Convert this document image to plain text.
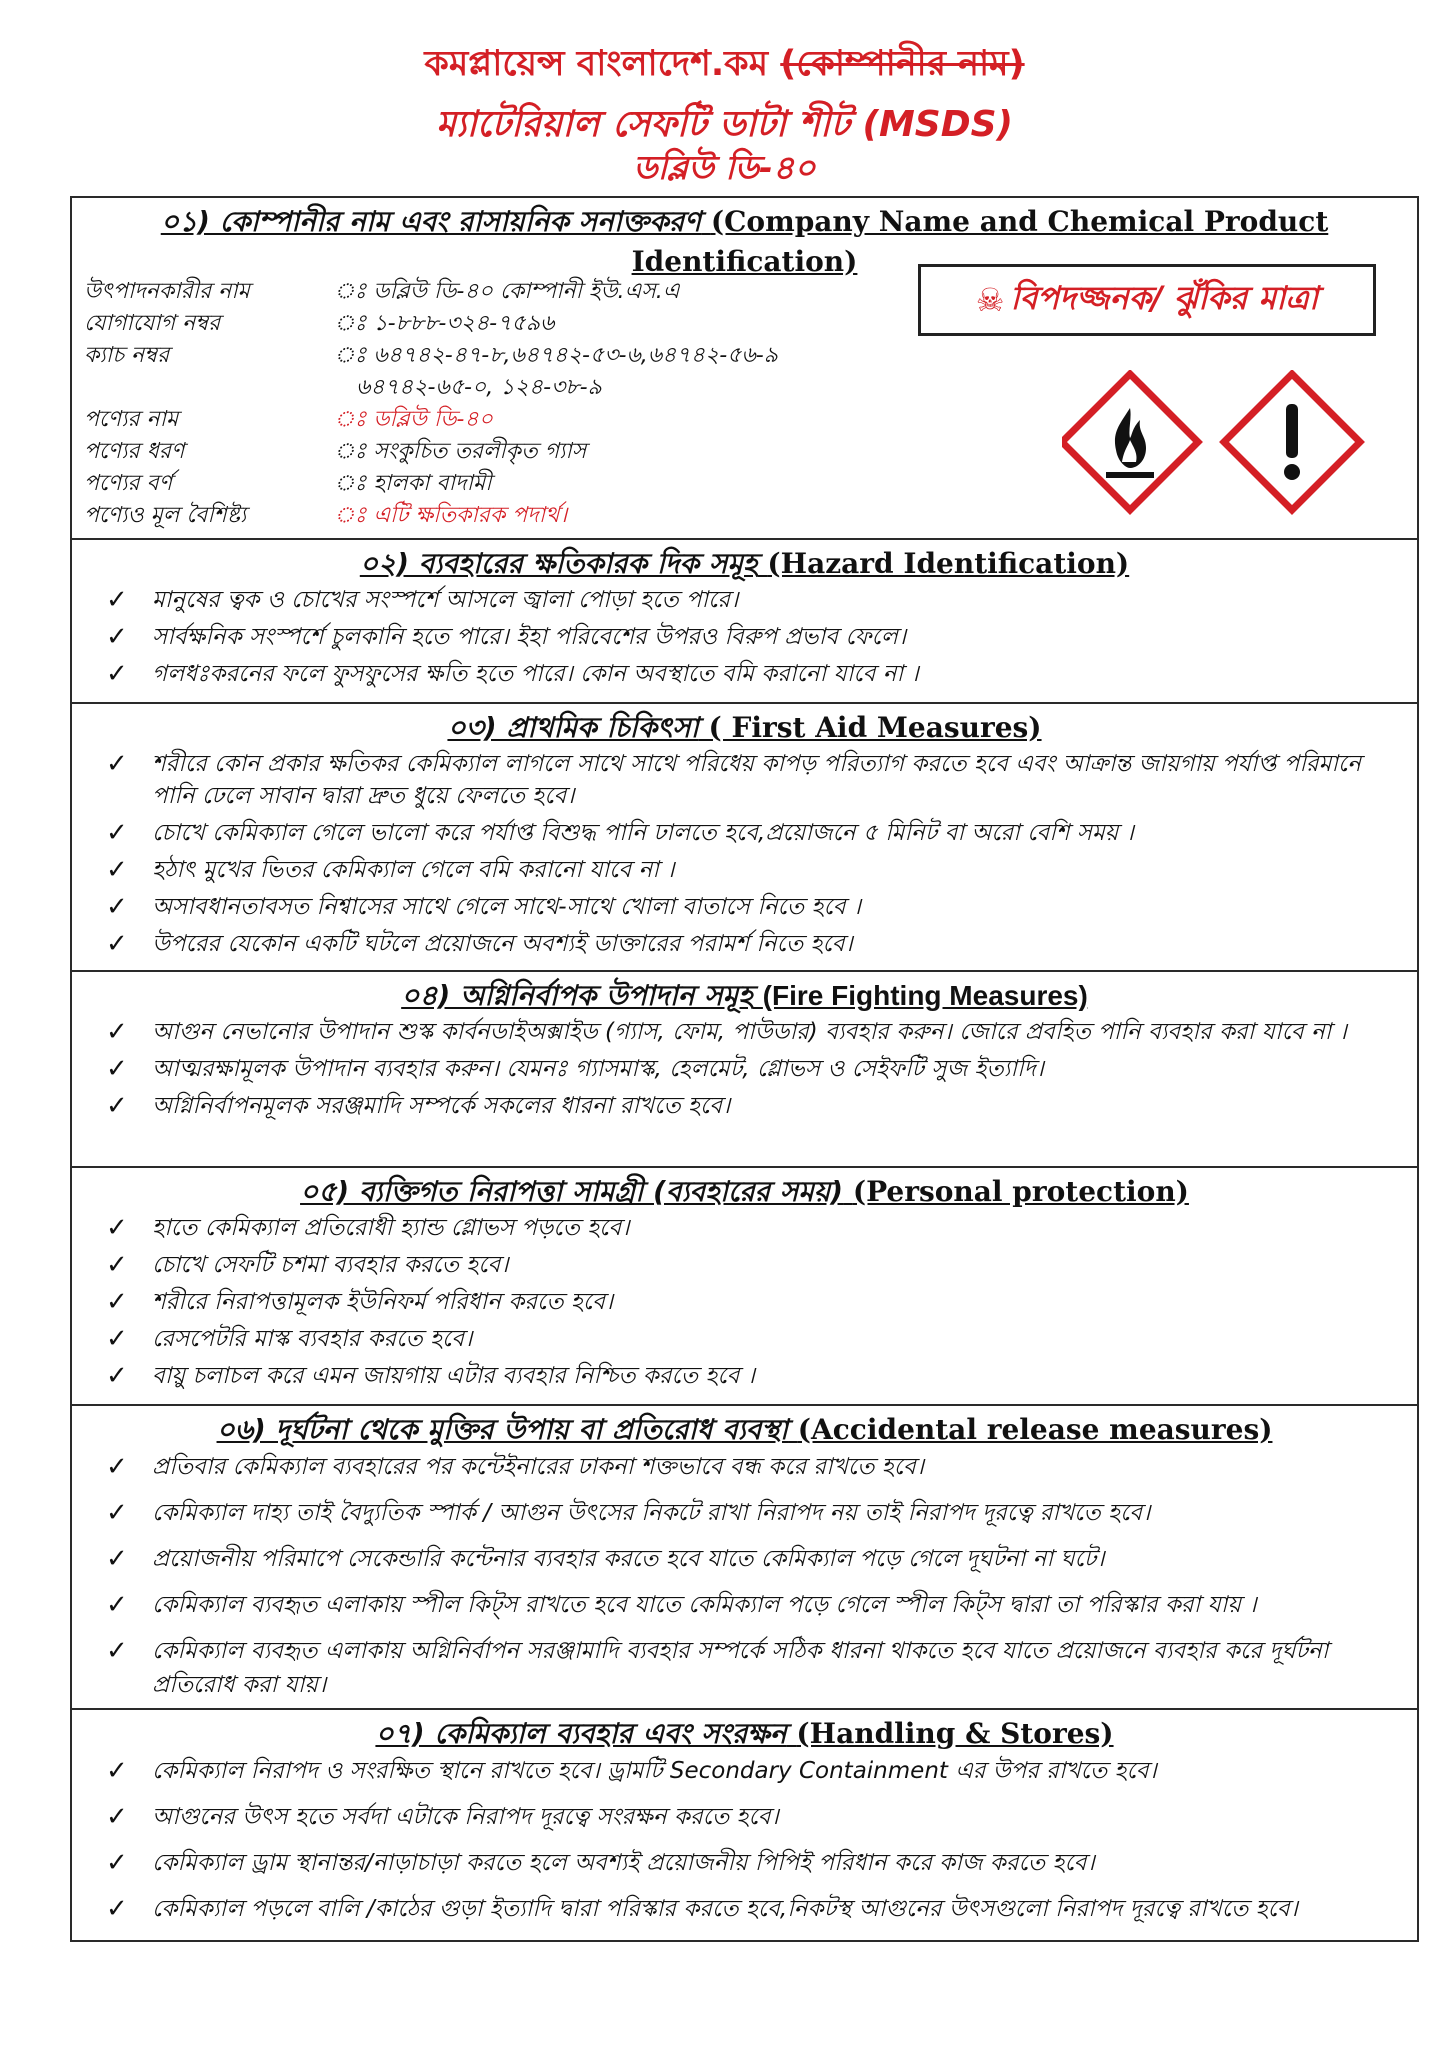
কমপ্লায়েন্স বাংলাদেশ.কম (কোম্পানীর নাম)
ম্যাটেরিয়াল সেফটি ডাটা শীট (MSDS)
ডব্লিউ ডি-৪০
০১) কোম্পানীর নাম এবং রাসায়নিক সনাক্তকরণ (Company Name and Chemical Product Identification)
উৎপাদনকারীর নাম	ঃ ডব্লিউ ডি-৪০ কোম্পানী ইউ.এস.এ
যোগাযোগ নম্বর	ঃ ১-৮৮৮-৩২৪-৭৫৯৬
ক্যাচ নম্বর	ঃ ৬৪৭৪২-৪৭-৮,৬৪৭৪২-৫৩-৬,৬৪৭৪২-৫৬-৯
৬৪৭৪২-৬৫-০, ১২৪-৩৮-৯
পণ্যের নাম	ঃ ডব্লিউ ডি-৪০
পণ্যের ধরণ	ঃ সংকুচিত তরলীকৃত গ্যাস
পণ্যের বর্ণ	ঃ হালকা বাদামী
পণ্যেও মূল বৈশিষ্ট্য	ঃ এটি ক্ষতিকারক পদার্থ।
☠ বিপদজ্জনক/ ঝুঁকির মাত্রা
০২) ব্যবহারের ক্ষতিকারক দিক সমূহ (Hazard Identification)
✓ মানুষের ত্বক ও চোখের সংস্পর্শে আসলে জ্বালা পোড়া হতে পারে।
✓ সার্বক্ষনিক সংস্পর্শে চুলকানি হতে পারে। ইহা পরিবেশের উপরও বিরুপ প্রভাব ফেলে।
✓ গলধঃকরনের ফলে ফুসফুসের ক্ষতি হতে পারে। কোন অবস্থাতে বমি করানো যাবে না ।
০৩) প্রাথমিক চিকিৎসা ( First Aid Measures)
✓ শরীরে কোন প্রকার ক্ষতিকর কেমিক্যাল লাগলে সাথে সাথে পরিধেয় কাপড় পরিত্যাগ করতে হবে এবং আক্রান্ত জায়গায় পর্যাপ্ত পরিমানে পানি ঢেলে সাবান দ্বারা দ্রুত ধুয়ে ফেলতে হবে।
✓ চোখে কেমিক্যাল গেলে ভালো করে পর্যাপ্ত বিশুদ্ধ পানি ঢালতে হবে,প্রয়োজনে ৫ মিনিট বা অরো বেশি সময় ।
✓ হঠাৎ মুখের ভিতর কেমিক্যাল গেলে বমি করানো যাবে না ।
✓ অসাবধানতাবসত নিশ্বাসের সাথে গেলে সাথে-সাথে খোলা বাতাসে নিতে হবে ।
✓ উপরের যেকোন একটি ঘটলে প্রয়োজনে অবশ্যই ডাক্তারের পরামর্শ নিতে হবে।
০৪) অগ্নিনির্বাপক উপাদান সমূহ (Fire Fighting Measures)
✓ আগুন নেভানোর উপাদান শুস্ক কার্বনডাইঅক্সাইড (গ্যাস, ফোম, পাউডার) ব্যবহার করুন। জোরে প্রবহিত পানি ব্যবহার করা যাবে না ।
✓ আত্মরক্ষামূলক উপাদান ব্যবহার করুন। যেমনঃ গ্যাসমাস্ক, হেলমেট, গ্লোভস ও সেইফটি সুজ ইত্যাদি।
✓ অগ্নিনির্বাপনমূলক সরঞ্জমাদি সম্পর্কে সকলের ধারনা রাখতে হবে।
০৫) ব্যক্তিগত নিরাপত্তা সামগ্রী (ব্যবহারের সময়) (Personal protection)
✓ হাতে কেমিক্যাল প্রতিরোধী হ্যান্ড গ্লোভস পড়তে হবে।
✓ চোখে সেফটি চশমা ব্যবহার করতে হবে।
✓ শরীরে নিরাপত্তামূলক ইউনিফর্ম পরিধান করতে হবে।
✓ রেসপেটরি মাস্ক ব্যবহার করতে হবে।
✓ বায়ু চলাচল করে এমন জায়গায় এটার ব্যবহার নিশ্চিত করতে হবে ।
০৬) দূর্ঘটনা থেকে মুক্তির উপায় বা প্রতিরোধ ব্যবস্থা (Accidental release measures)
✓ প্রতিবার কেমিক্যাল ব্যবহারের পর কন্টেইনারের ঢাকনা শক্তভাবে বন্ধ করে রাখতে হবে।
✓ কেমিক্যাল দাহ্য তাই বৈদ্যুতিক স্পার্ক / আগুন উৎসের নিকটে রাখা নিরাপদ নয় তাই নিরাপদ দূরত্বে রাখতে হবে।
✓ প্রয়োজনীয় পরিমাপে সেকেন্ডারি কন্টেনার ব্যবহার করতে হবে যাতে কেমিক্যাল পড়ে গেলে দূঘটনা না ঘটে।
✓ কেমিক্যাল ব্যবহৃত এলাকায় স্পীল কিট্স রাখতে হবে যাতে কেমিক্যাল পড়ে গেলে স্পীল কিট্স দ্বারা তা পরিস্কার করা যায় ।
✓ কেমিক্যাল ব্যবহৃত এলাকায় অগ্নিনির্বাপন সরঞ্জামাদি ব্যবহার সম্পর্কে সঠিক ধারনা থাকতে হবে যাতে প্রয়োজনে ব্যবহার করে দূর্ঘটনা প্রতিরোধ করা যায়।
০৭) কেমিক্যাল ব্যবহার এবং সংরক্ষন (Handling & Stores)
✓ কেমিক্যাল নিরাপদ ও সংরক্ষিত স্থানে রাখতে হবে। ড্রামটি Secondary Containment এর উপর রাখতে হবে।
✓ আগুনের উৎস হতে সর্বদা এটাকে নিরাপদ দূরত্বে সংরক্ষন করতে হবে।
✓ কেমিক্যাল ড্রাম স্থানান্তর/নাড়াচাড়া করতে হলে অবশ্যই প্রয়োজনীয় পিপিই পরিধান করে কাজ করতে হবে।
✓ কেমিক্যাল পড়লে বালি /কাঠের গুড়া ইত্যাদি দ্বারা পরিস্কার করতে হবে,নিকটস্থ আগুনের উৎসগুলো নিরাপদ দূরত্বে রাখতে হবে।
